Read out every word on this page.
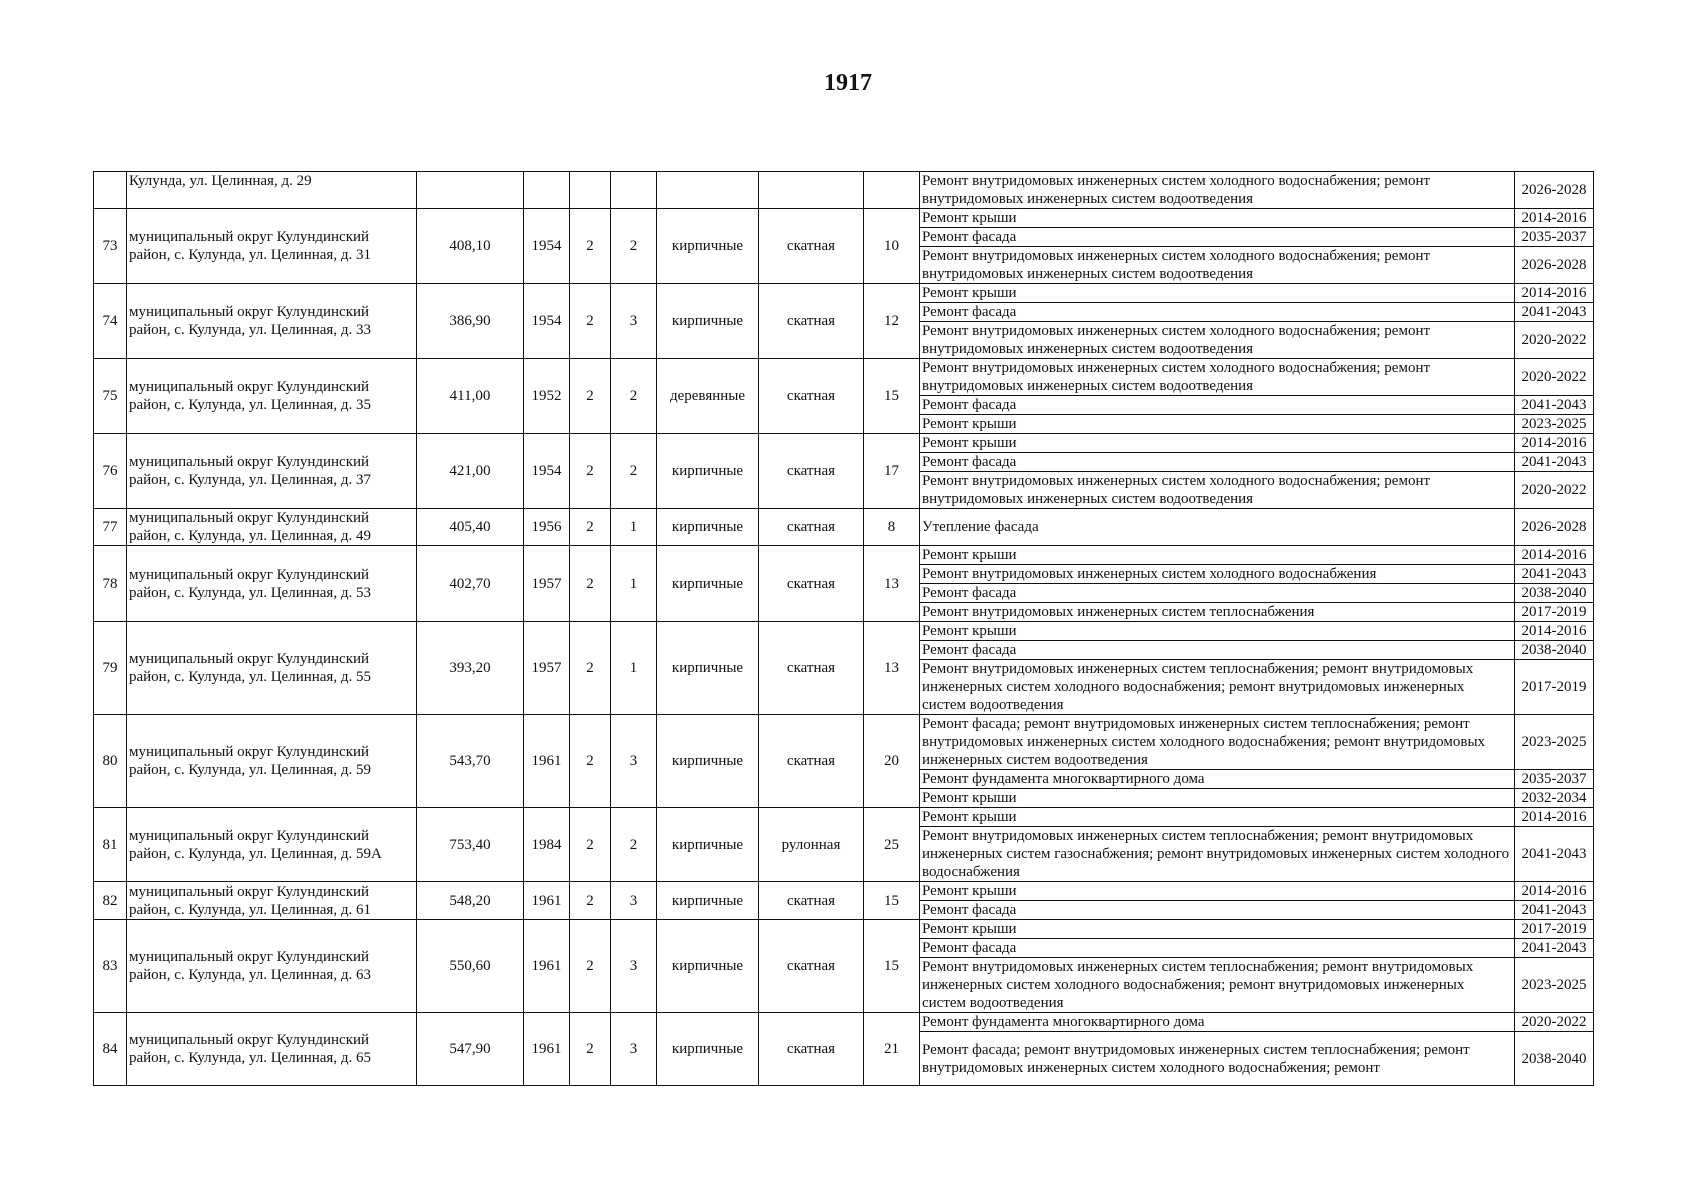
1917
	Кулунда, ул. Целинная, д. 29								Ремонт внутридомовых инженерных систем холодного водоснабжения; ремонт внутридомовых инженерных систем водоотведения	2026-2028

73	муниципальный округ Кулундинский район, с. Кулунда, ул. Целинная, д. 31	408,10	1954	2	2	кирпичные	скатная	10	Ремонт крыши	2014-2016
									Ремонт фасада	2035-2037
									Ремонт внутридомовых инженерных систем холодного водоснабжения; ремонт внутридомовых инженерных систем водоотведения	2026-2028
74	муниципальный округ Кулундинский район, с. Кулунда, ул. Целинная, д. 33	386,90	1954	2	3	кирпичные	скатная	12	Ремонт крыши	2014-2016
									Ремонт фасада	2041-2043
									Ремонт внутридомовых инженерных систем холодного водоснабжения; ремонт внутридомовых инженерных систем водоотведения	2020-2022
75	муниципальный округ Кулундинский район, с. Кулунда, ул. Целинная, д. 35	411,00	1952	2	2	деревянные	скатная	15	Ремонт внутридомовых инженерных систем холодного водоснабжения; ремонт внутридомовых инженерных систем водоотведения	2020-2022
									Ремонт фасада	2041-2043
									Ремонт крыши	2023-2025
76	муниципальный округ Кулундинский район, с. Кулунда, ул. Целинная, д. 37	421,00	1954	2	2	кирпичные	скатная	17	Ремонт крыши	2014-2016
									Ремонт фасада	2041-2043
									Ремонт внутридомовых инженерных систем холодного водоснабжения; ремонт внутридомовых инженерных систем водоотведения	2020-2022
77	муниципальный округ Кулундинский район, с. Кулунда, ул. Целинная, д. 49	405,40	1956	2	1	кирпичные	скатная	8	Утепление фасада	2026-2028
78	муниципальный округ Кулундинский район, с. Кулунда, ул. Целинная, д. 53	402,70	1957	2	1	кирпичные	скатная	13	Ремонт крыши	2014-2016
									Ремонт внутридомовых инженерных систем холодного водоснабжения	2041-2043
									Ремонт фасада	2038-2040
									Ремонт внутридомовых инженерных систем теплоснабжения	2017-2019
79	муниципальный округ Кулундинский район, с. Кулунда, ул. Целинная, д. 55	393,20	1957	2	1	кирпичные	скатная	13	Ремонт крыши	2014-2016
									Ремонт фасада	2038-2040
									Ремонт внутридомовых инженерных систем теплоснабжения; ремонт внутридомовых инженерных систем холодного водоснабжения; ремонт внутридомовых инженерных систем водоотведения	2017-2019
80	муниципальный округ Кулундинский район, с. Кулунда, ул. Целинная, д. 59	543,70	1961	2	3	кирпичные	скатная	20	Ремонт фасада; ремонт внутридомовых инженерных систем теплоснабжения; ремонт внутридомовых инженерных систем холодного водоснабжения; ремонт внутридомовых инженерных систем водоотведения	2023-2025
									Ремонт фундамента многоквартирного дома	2035-2037
									Ремонт крыши	2032-2034
81	муниципальный округ Кулундинский район, с. Кулунда, ул. Целинная, д. 59А	753,40	1984	2	2	кирпичные	рулонная	25	Ремонт крыши	2014-2016
									Ремонт внутридомовых инженерных систем теплоснабжения; ремонт внутридомовых инженерных систем газоснабжения; ремонт внутридомовых инженерных систем холодного водоснабжения	2041-2043
82	муниципальный округ Кулундинский район, с. Кулунда, ул. Целинная, д. 61	548,20	1961	2	3	кирпичные	скатная	15	Ремонт крыши	2014-2016
									Ремонт фасада	2041-2043
83	муниципальный округ Кулундинский район, с. Кулунда, ул. Целинная, д. 63	550,60	1961	2	3	кирпичные	скатная	15	Ремонт крыши	2017-2019
									Ремонт фасада	2041-2043
									Ремонт внутридомовых инженерных систем теплоснабжения; ремонт внутридомовых инженерных систем холодного водоснабжения; ремонт внутридомовых инженерных систем водоотведения	2023-2025
84	муниципальный округ Кулундинский район, с. Кулунда, ул. Целинная, д. 65	547,90	1961	2	3	кирпичные	скатная	21	Ремонт фундамента многоквартирного дома	2020-2022
									Ремонт фасада; ремонт внутридомовых инженерных систем теплоснабжения; ремонт внутридомовых инженерных систем холодного водоснабжения; ремонт	2038-2040
